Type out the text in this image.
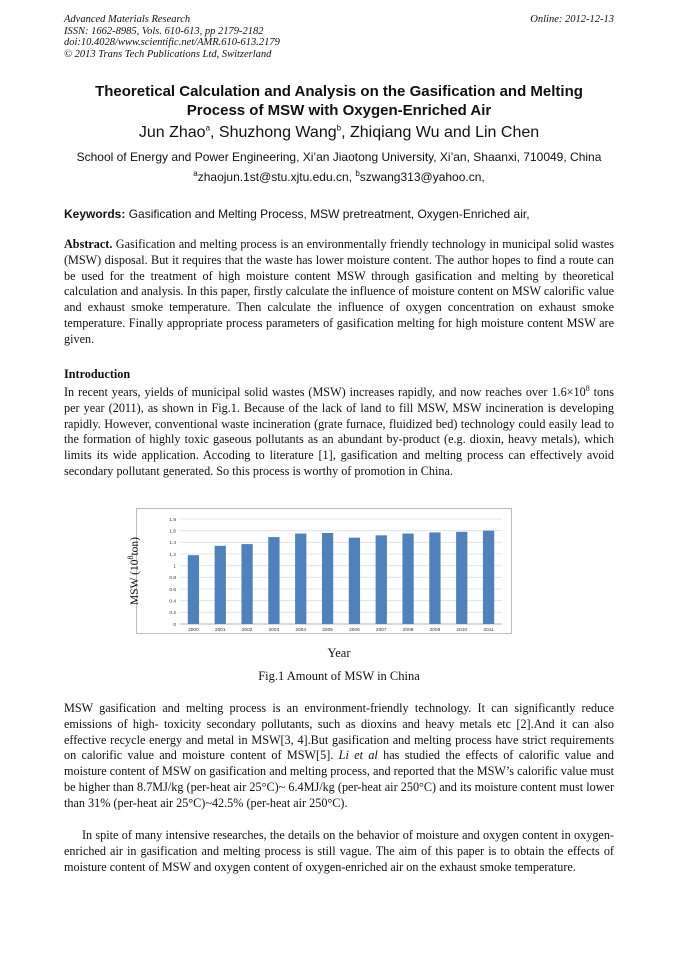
Advanced Materials Research
ISSN: 1662-8985, Vols. 610-613, pp 2179-2182
doi:10.4028/www.scientific.net/AMR.610-613.2179
© 2013 Trans Tech Publications Ltd, Switzerland
Online: 2012-12-13
Theoretical Calculation and Analysis on the Gasification and Melting
Process of MSW with Oxygen-Enriched Air
Jun Zhao$^a$, Shuzhong Wang$^b$, Zhiqiang Wu and Lin Chen
School of Energy and Power Engineering, Xi’an Jiaotong University, Xi’an, Shaanxi, 710049, China
$^a$zhaojun.1st@stu.xjtu.edu.cn, $^b$szwang313@yahoo.cn,
Keywords: Gasification and Melting Process, MSW pretreatment, Oxygen-Enriched air,
Abstract. Gasification and melting process is an environmentally friendly technology in municipal solid wastes (MSW) disposal. But it requires that the waste has lower moisture content. The author hopes to find a route can be used for the treatment of high moisture content MSW through gasification and melting by theoretical calculation and analysis. In this paper, firstly calculate the influence of moisture content on MSW calorific value and exhaust smoke temperature. Then calculate the influence of oxygen concentration on exhaust smoke temperature. Finally appropriate process parameters of gasification melting for high moisture content MSW are given.
Introduction
In recent years, yields of municipal solid wastes (MSW) increases rapidly, and now reaches over $1.6\times 10^8$ tons per year (2011), as shown in Fig.1. Because of the lack of land to fill MSW, MSW incineration is developing rapidly. However, conventional waste incineration (grate furnace, fluidized bed) technology could easily lead to the formation of highly toxic gaseous pollutants as an abundant by-product (e.g. dioxin, heavy metals), which limits its wide application. Accoding to literature [1], gasification and melting process can effectively avoid secondary pollutant generated. So this process is worthy of promotion in China.
0
0.2
0.4
0.6
0.8
1
1.2
1.4
1.6
1.8
2000	2001	2002	2003	2004	2005	2006	2007	2008	2009	2010	2011
MSW $(10^8ton)$
Year
Fig.1 Amount of MSW in China
MSW gasification and melting process is an environment-friendly technology. It can significantly reduce emissions of high- toxicity secondary pollutants, such as dioxins and heavy metals etc [2].And it can also effective recycle energy and metal in MSW[3, 4].But gasification and melting process have strict requirements on calorific value and moisture content of MSW[5]. Li et al has studied the effects of calorific value and moisture content of MSW on gasification and melting process, and reported that the MSW’s calorific value must be higher than 8.7MJ/kg (per-heat air 25°C)~ 6.4MJ/kg (per-heat air 250°C) and its moisture content must lower than 31% (per-heat air 25°C)~42.5% (per-heat air 250°C).
In spite of many intensive researches, the details on the behavior of moisture and oxygen content in oxygen-enriched air in gasification and melting process is still vague. The aim of this paper is to obtain the effects of moisture content of MSW and oxygen content of oxygen-enriched air on the exhaust smoke temperature.
